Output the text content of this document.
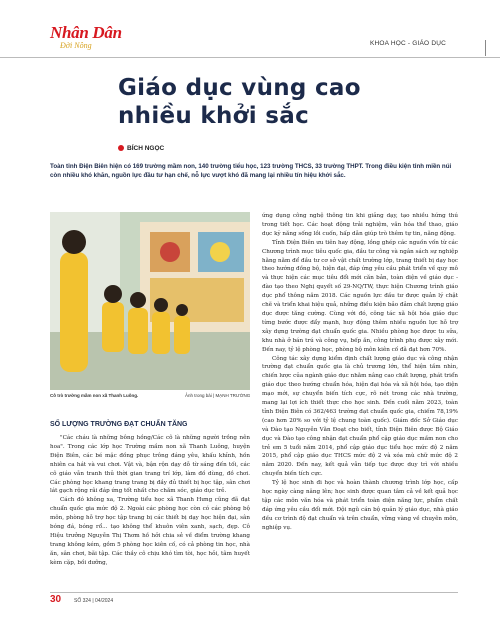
Nhân Dân
Đời Nông	KHOA HỌC - GIÁO DỤC
Giáo dục vùng cao
nhiều khởi sắc
BÍCH NGỌC
Toàn tỉnh Điện Biên hiện có 169 trường mầm non, 140 trường tiểu học, 123 trường THCS, 33 trường THPT. Trong điều kiện tỉnh miền núi còn nhiều khó khăn, nguồn lực đầu tư hạn chế, nỗ lực vượt khó đã mang lại nhiều tín hiệu khởi sắc.
Cô trò trường mầm non xã Thanh Luông.	Ảnh trong bài | MẠNH TRƯỜNG
SỐ LƯỢNG TRƯỜNG ĐẠT CHUẨN TĂNG

"Các cháu là những bông hồng/Các cô là những người trồng nên hoa". Trong các lớp học Trường mầm non xã Thanh Luông, huyện Điện Biên, các bé mặc đồng phục trông đáng yêu, khấu khỉnh, hồn nhiên ca hát và vui chơi. Vật và, bận rộn dạy dỗ từ sáng đến tối, các cô giáo vẫn tranh thủ thời gian trang trí lớp, làm đồ dùng, đồ chơi. Các phòng học khang trang trang bị đầy đủ thiết bị học tập, sân chơi lát gạch rộng rãi đáp ứng tốt nhất cho chăm sóc, giáo dục trẻ.

Cách đó không xa, Trường tiểu học xã Thanh Hưng cũng đã đạt chuẩn quốc gia mức độ 2. Ngoài các phòng học còn có các phòng bộ môn, phòng hỗ trợ học tập trang bị các thiết bị dạy học hiện đại, sân bóng đá, bóng rổ... tạo không thể khuôn viên xanh, sạch, đẹp. Cô Hiệu trưởng Nguyễn Thị Thơm hồ hởi chia sẻ về điểm trường khang trang không kém, gồm 5 phòng học kiên cố, có cả phòng tin học, nhà ăn, sân chơi, bãi tập. Các thầy cô chịu khó tìm tòi, học hỏi, tâm huyết kèm cặp, bồi dưỡng,

ứng dụng công nghệ thông tin khi giảng dạy, tạo nhiều hứng thú trong tiết học. Các hoạt động trải nghiệm, văn hóa thể thao, giáo dục kỹ năng sống lồi cuốn, hấp dẫn giúp trò thêm tự tin, năng động.

Tỉnh Điện Biên ưu tiên hay động, lồng ghép các nguồn vốn từ các Chương trình mục tiêu quốc gia, đầu tư công và ngân sách sự nghiệp hằng năm để đầu tư cơ sở vật chất trường lớp, trang thiết bị dạy học theo hướng đồng bộ, hiện đại, đáp ứng yêu cầu phát triển về quy mô và thực hiện các mục tiêu đổi mới căn bản, toàn diện về giáo dục - đào tạo theo Nghị quyết số 29-NQ/TW, thực hiện Chương trình giáo dục phổ thông năm 2018. Các nguồn lực đầu tư được quản lý chặt chẽ và triển khai hiệu quả, những điều kiện bảo đảm chất lượng giáo dục được tăng cường. Cùng với đó, công tác xã hội hóa giáo dục từng bước được đẩy mạnh, huy động thêm nhiều nguồn lực hỗ trợ xây dựng trường đạt chuẩn quốc gia. Nhiều phòng học được tu sửa, khu nhà ở bán trú và công vụ, bếp ăn, công trình phụ được xây mới. Đến nay, tỷ lệ phòng học, phòng bộ môn kiên cố đã đạt hơn 70%.

Công tác xây dựng kiểm định chất lượng giáo dục và công nhận trường đạt chuẩn quốc gia là chủ trương lớn, thể hiện tầm nhìn, chiến lược của ngành giáo dục nhằm nâng cao chất lượng, phát triển giáo dục theo hướng chuẩn hóa, hiện đại hóa và xã hội hóa, tạo diện mạo mới, sự chuyển biến tích cực, rõ nét trong các nhà trường, mang lại lợi ích thiết thực cho học sinh. Đến cuối năm 2023, toàn tỉnh Điện Biên có 362/463 trường đạt chuẩn quốc gia, chiếm 78,19% (cao hơn 20% so với tỷ lệ chung toàn quốc). Giám đốc Sở Giáo dục và Đào tạo Nguyễn Văn Đoạt cho biết, tỉnh Điện Biên được Bộ Giáo dục và Đào tạo công nhận đạt chuẩn phổ cập giáo dục mầm non cho trẻ em 5 tuổi năm 2014, phổ cập giáo dục tiểu học mức độ 2 năm 2015, phổ cập giáo dục THCS mức độ 2 và xóa mù chữ mức độ 2 năm 2020. Đến nay, kết quả vẫn tiếp tục được duy trì với nhiều chuyển biến tích cực.

Tỷ lệ học sinh đi học và hoàn thành chương trình lớp học, cấp học ngày càng nâng lên; học sinh được quan tâm cả về kết quả học tập các môn văn hóa và phát triển toàn diện năng lực, phẩm chất đáp ứng yêu cầu đổi mới. Đội ngũ cán bộ quản lý giáo dục, nhà giáo đều cơ trình độ đạt chuẩn và trên chuẩn, vững vàng về chuyên môn, nghiệp vụ.

30	SỐ 324 | 04/2024
